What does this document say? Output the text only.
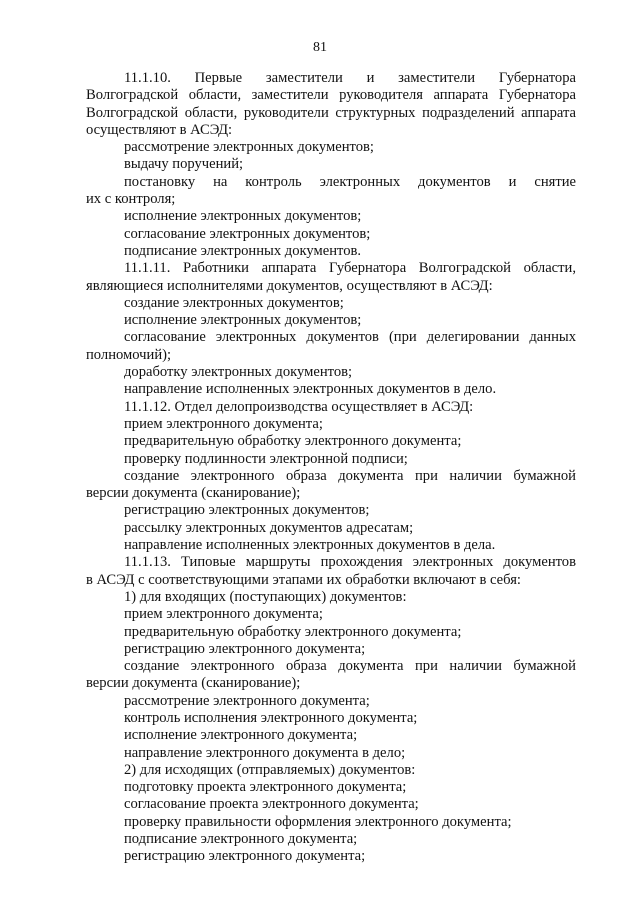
81
11.1.10. Первые заместители и заместители Губернатора
Волгоградской области, заместители руководителя аппарата Губернатора
Волгоградской области, руководители структурных подразделений аппарата
осуществляют в АСЭД:
рассмотрение электронных документов;
выдачу поручений;
постановку на контроль электронных документов и снятие
их с контроля;
исполнение электронных документов;
согласование электронных документов;
подписание электронных документов.
11.1.11. Работники аппарата Губернатора Волгоградской области,
являющиеся исполнителями документов, осуществляют в АСЭД:
создание электронных документов;
исполнение электронных документов;
согласование электронных документов (при делегировании данных
полномочий);
доработку электронных документов;
направление исполненных электронных документов в дело.
11.1.12. Отдел делопроизводства осуществляет в АСЭД:
прием электронного документа;
предварительную обработку электронного документа;
проверку подлинности электронной подписи;
создание электронного образа документа при наличии бумажной
версии документа (сканирование);
регистрацию электронных документов;
рассылку электронных документов адресатам;
направление исполненных электронных документов в дела.
11.1.13. Типовые маршруты прохождения электронных документов
в АСЭД с соответствующими этапами их обработки включают в себя:
1) для входящих (поступающих) документов:
прием электронного документа;
предварительную обработку электронного документа;
регистрацию электронного документа;
создание электронного образа документа при наличии бумажной
версии документа (сканирование);
рассмотрение электронного документа;
контроль исполнения электронного документа;
исполнение электронного документа;
направление электронного документа в дело;
2) для исходящих (отправляемых) документов:
подготовку проекта электронного документа;
согласование проекта электронного документа;
проверку правильности оформления электронного документа;
подписание электронного документа;
регистрацию электронного документа;
